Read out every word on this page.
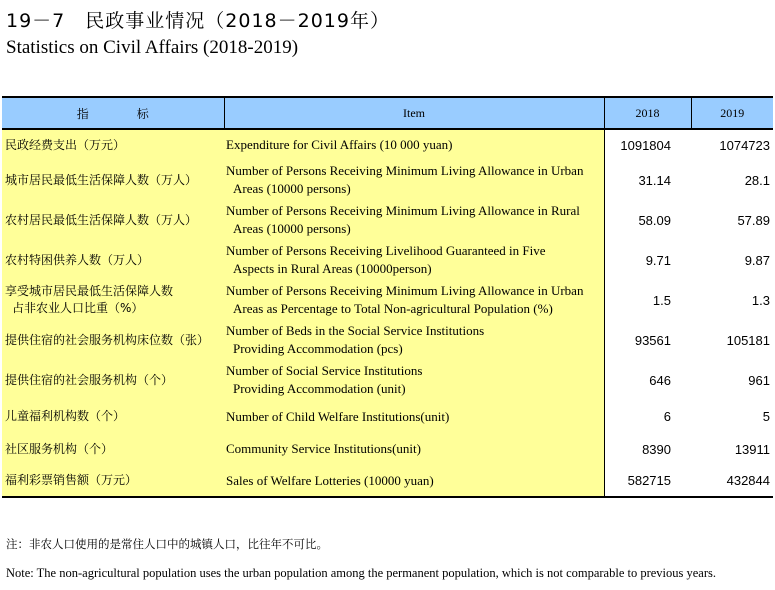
19－7　民政事业情况（2018－2019年）
Statistics on Civil Affairs (2018-2019)
指　　　　标	Item	2018	2019
民政经费支出（万元）	Expenditure for Civil Affairs (10 000 yuan)	1091804	1074723
城市居民最低生活保障人数（万人）	Number of Persons Receiving Minimum Living Allowance in Urban
Areas (10000 persons)	31.14	28.1
农村居民最低生活保障人数（万人）	Number of Persons Receiving Minimum Living Allowance in Rural
Areas (10000 persons)	58.09	57.89
农村特困供养人数（万人）	Number of Persons Receiving Livelihood Guaranteed in Five
Aspects in Rural Areas (10000person)	9.71	9.87
享受城市居民最低生活保障人数
占非农业人口比重（%）	Number of Persons Receiving Minimum Living Allowance in Urban
Areas as Percentage to Total Non-agricultural Population (%)	1.5	1.3
提供住宿的社会服务机构床位数（张）	Number of Beds in the Social Service Institutions
Providing Accommodation (pcs)	93561	105181
提供住宿的社会服务机构（个）	Number of Social Service Institutions
Providing Accommodation (unit)	646	961
儿童福利机构数（个）	Number of Child Welfare Institutions(unit)	6	5
社区服务机构（个）	Community Service Institutions(unit)	8390	13911
福利彩票销售额（万元）	Sales of Welfare Lotteries (10000 yuan)	582715	432844
注：非农人口使用的是常住人口中的城镇人口，比往年不可比。
Note: The non-agricultural population uses the urban population among the permanent population, which is not comparable to previous years.
